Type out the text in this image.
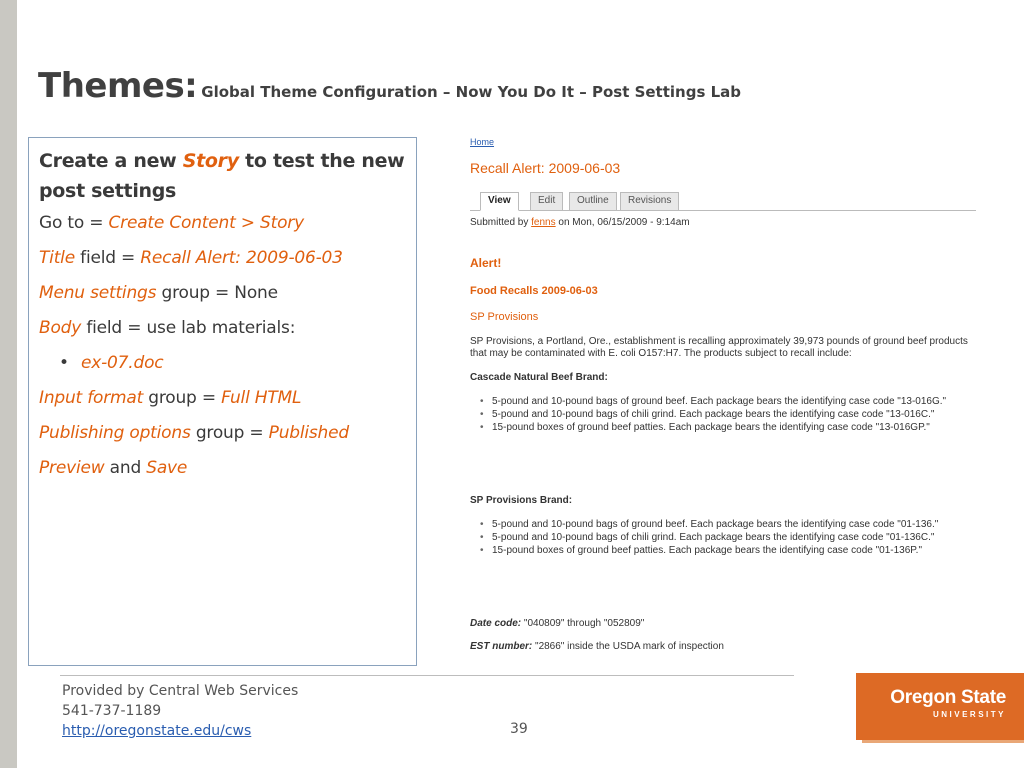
Themes: Global Theme Configuration – Now You Do It – Post Settings Lab
Create a new Story to test the new post settings
Go to = Create Content > Story
Title field = Recall Alert: 2009-06-03
Menu settings group = None
Body field = use lab materials:
• ex-07.doc
Input format group = Full HTML
Publishing options group = Published
Preview and Save
Home
Recall Alert: 2009-06-03
View	Edit	Outline	Revisions
Submitted by fenns on Mon, 06/15/2009 - 9:14am
Alert!
Food Recalls 2009-06-03
SP Provisions
SP Provisions, a Portland, Ore., establishment is recalling approximately 39,973 pounds of ground beef products that may be contaminated with E. coli O157:H7. The products subject to recall include:
Cascade Natural Beef Brand:
• 5-pound and 10-pound bags of ground beef. Each package bears the identifying case code "13-016G."
• 5-pound and 10-pound bags of chili grind. Each package bears the identifying case code "13-016C."
• 15-pound boxes of ground beef patties. Each package bears the identifying case code "13-016GP."
SP Provisions Brand:
• 5-pound and 10-pound bags of ground beef. Each package bears the identifying case code "01-136."
• 5-pound and 10-pound bags of chili grind. Each package bears the identifying case code "01-136C."
• 15-pound boxes of ground beef patties. Each package bears the identifying case code "01-136P."
Date code: "040809" through "052809"
EST number: "2866" inside the USDA mark of inspection
Provided by Central Web Services
541-737-1189
http://oregonstate.edu/cws	39
Oregon State
UNIVERSITY
